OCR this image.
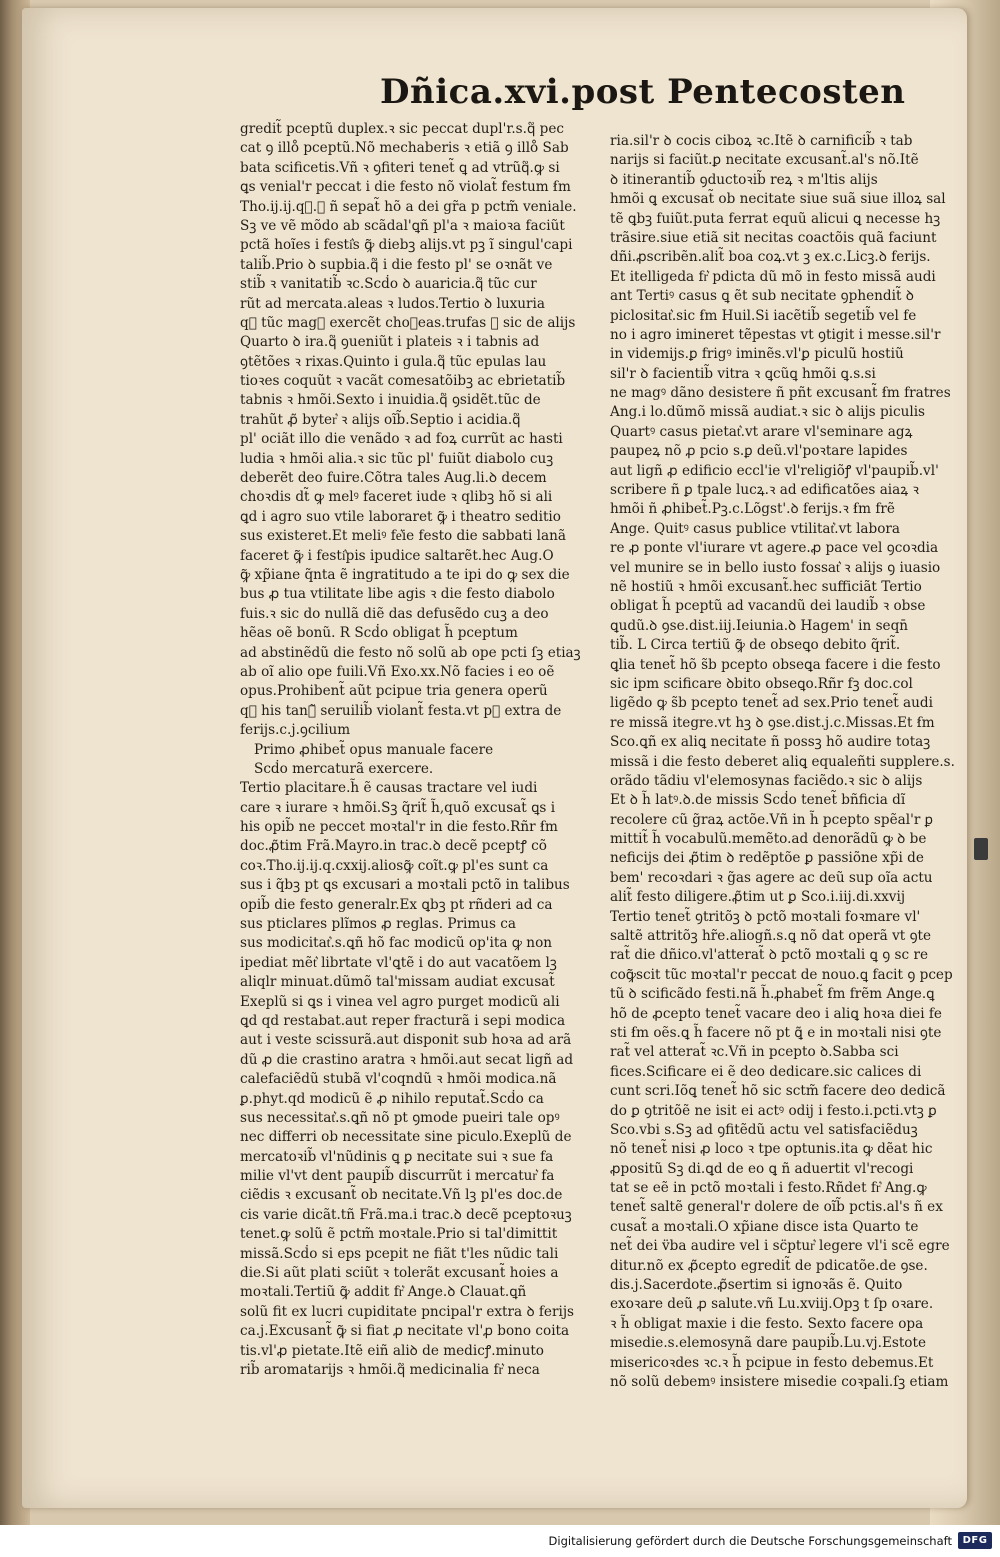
Dñica.xvi.post Pentecosten
gredit̃ pceptũ duplex.ꝛ sic peccat dupl'r.s.q᷑ pec
cat ꝯ illo̊ pceptũ.Nõ mechaberis ꝛ etiã ꝯ illo̊ Sab
bata scificetis.Vñ ꝛ ꝯfiteri tenet̃ ꝗ ad vtrũq᷑.ꝙ si
ꝗs venial'r peccat i die festo nõ violat̃ festum ẜm
Tho.ij.ij.q᷑.ꝛ ñ sepat̃ hõ a dei gr̃a p pctm̃ veniale.
Sꝫ ve vẽ mõdo ab scãdal'ꝗñ pl'a ꝛ maioꝛa faciũt
pctã hoĩes i festi͛s ꝙ̃ diebꝫ alijs.vt pꝫ ĩ singul'capi
talib̃.Prio ꝺ supbia.q᷑ i die festo pl' se oꝛnãt ve
stib̃ ꝛ vanitatib̃ ꝛc.Scḋo ꝺ auaricia.q᷑ tũc cur
rũt ad mercata.aleas ꝛ ludos.Tertio ꝺ luxuria
q᷑ tũc magꝭ exercẽt choꝛeas.trufas ꝛ sic de alijs
Quarto ꝺ ira.q᷑ ꝯueniũt i plateis ꝛ i tabnis ad
ꝯtẽtões ꝛ rixas.Quinto i gula.q᷑ tũc epulas lau
tioꝛes coquũt ꝛ vacãt comesatõibꝫ ac ebrietatib̃
tabnis ꝛ hmõi.Sexto i inuidia.q᷑ ꝯsidẽt.tũc de
trahũt ꝓ̃ byter͛ ꝛ alijs oĩb̃.Septio i acidia.q᷑
pl' ociãt illo die venãdo ꝛ ad foꝝ currũt ac hasti
ludia ꝛ hmõi alia.ꝛ sic tũc pl' fuiũt diabolo cuꝫ
deberẽt deo fuire.Cõtra tales Aug.li.ꝺ decem
choꝛdis dt̃ ꝙ melꝰ faceret iude ꝛ qlibꝫ hõ si ali
ꝗd i agro suo vtile laboraret ꝙ̃ i theatro seditio
sus existeret.Et meliꝰ fe͛ie festo die sabbati lanã
faceret ꝙ̃ i festi͛pis ipudice saltarẽt.hec Aug.O
ꝙ̃ xp̃iane q̃nta ẽ ingratitudo a te ipi do ꝙ sex die
bus ꝓ tua vtilitate libe agis ꝛ die festo diabolo
fuis.ꝛ sic do nullã diẽ das defusẽdo cuꝫ a deo
hẽas oẽ bonũ. R Scḋo obligat h̃ pceptum
ad abstinẽdũ die festo nõ solũ ab ope pcti ſꝫ etiaꝫ
ab oĩ alio ope fuili.Vñ Exo.xx.Nõ facies i eo oẽ
opus.Prohibent̃ aũt pcipue tria genera operũ
q᷑ his tanꝙ̃ seruilib̃ violant̃ festa.vt pꝫ extra de
ferijs.c.j.ꝯcilium
Primo ꝓhibet̃ opus manuale facere
Scḋo mercaturã exercere.
Tertio placitare.h̃ ẽ causas tractare vel iudi
care ꝛ iurare ꝛ hmõi.Sꝫ q̃rit̃ h̃,quõ excusat̃ ꝗs i
his opib̃ ne peccet moꝛtal'r in die festo.Rñr ẜm
doc.ꝓ̃tim Frã.Mayro.in trac.ꝺ decẽ pceptꝭ cõ
coꝛ.Tho.ij.ij.q.cxxij.aliosꝙ̃ coĩt.ꝙ pl'es sunt ca
sus i q̃bꝫ pt ꝗs excusari a moꝛtali pctõ in talibus
opib̃ die festo generalr.Ex ꝗbꝫ pt rñderi ad ca
sus pticlares plĩmos ꝓ reglas. Primus ca
sus modicitat͛.s.ꝗñ hõ fac modicũ op'ita ꝙ non
ipediat mẽt͛ librtate vl'ꝗtẽ i do aut vacatõem lꝫ
aliqlr minuat.dũmõ tal'missam audiat excusat̃
Exeplũ si ꝗs i vinea vel agro purget modicũ ali
ꝗd qd restabat.aut reper fracturã i sepi modica
aut i veste scissurã.aut disponit sub hoꝛa ad arã
dũ ꝓ die crastino aratra ꝛ hmõi.aut secat ligñ ad
calefaciẽdũ stubã vl'coqndũ ꝛ hmõi modica.nã
ꝑ.phyt.qd modicũ ẽ ꝓ nihilo reputat̃.Scḋo ca
sus necessitat͛.s.ꝗñ nõ pt ꝯmode pueiri tale opꝰ
nec differri ob necessitate sine piculo.Exeplũ de
mercatoꝛib̃ vl'nũdinis ꝗ ꝑ necitate sui ꝛ sue fa
milie vl'vt dent paupib̃ discurrũt i mercatur͛ fa
ciẽdis ꝛ excusant̃ ob necitate.Vñ lꝫ pl'es doc.de
cis varie dicãt.tñ Frã.ma.i trac.ꝺ decẽ pceptoꝛuꝫ
tenet.ꝙ solũ ẽ pctm̃ moꝛtale.Prio si tal'dimittit
missã.Scḋo si eps pcepit ne fiãt t'les nũdic tali
die.Si aũt plati sciũt ꝛ tolerãt excusant̃ hoies a
moꝛtali.Tertiũ ꝙ̃ addit fr͛ Ange.ꝺ Clauat.ꝗñ
solũ fit ex lucri cupiditate pncipal'r extra ꝺ ferijs
ca.j.Excusant̃ ꝙ̃ si fiat ꝓ necitate vl'ꝓ bono coita
tis.vl'ꝓ pietate.Itẽ eiñ aliꝺ de medicꝭ.minuto
rib̃ aromatarijs ꝛ hmõi.q᷑ medicinalia fr͛ neca
ria.sil'r ꝺ cocis ciboꝝ ꝛc.Itẽ ꝺ carnificib̃ ꝛ tab
narijs si faciũt.ꝑ necitate excusant̃.al's nõ.Itẽ
ꝺ itinerantib̃ ꝯductoꝛib̃ reꝝ ꝛ m'ltis alijs
hmõi ꝗ excusat̃ ob necitate siue suã siue illoꝝ sal
tẽ ꝗbꝫ fuiũt.puta ferrat equũ alicui ꝗ necesse hꝫ
trãsire.siue etiã sit necitas coactõis quã faciunt
dñi.ꝓscribẽn.alit̃ boa coꝝ.vt ꝫ ex.c.Licꝫ.ꝺ ferijs.
Et itelligeda fr͛ pdicta dũ mõ in festo missã audi
ant Tertiꝰ casus ꝗ ẽt sub necitate ꝯphendit̃ ꝺ
piclositat͛.sic ẜm Huil.Si iacẽtib̃ segetib̃ vel fe
no i agro imineret tẽpestas vt ꝯtigit i messe.sil'r
in videmijs.ꝑ frigꝰ iminẽs.vl'ꝑ piculũ hostiũ
sil'r ꝺ facientib̃ vitra ꝛ ꝗcũꝗ hmõi ꝗ.s.si
ne magꝰ dãno desistere ñ pñt excusant̃ ẜm fratres
Ang.i lo.dũmõ missã audiat.ꝛ sic ꝺ alijs piculis
Quartꝰ casus pietat͛.vt arare vl'seminare agꝝ
paupeꝝ nõ ꝓ pcio s.ꝑ deũ.vl'poꝛtare lapides
aut ligñ ꝓ edificio eccl'ie vl'religiõꝭ vl'paupib̃.vl'
scribere ñ ꝑ tpale lucꝝ.ꝛ ad edificatões aiaꝝ ꝛ
hmõi ñ ꝓhibet̃.Pꝫ.c.Lõgst'.ꝺ ferijs.ꝛ ẜm frẽ
Ange. Quitꝰ casus publice vtilitat͛.vt labora
re ꝓ ponte vl'iurare vt agere.ꝓ pace vel ꝯcoꝛdia
vel munire se in bello iusto fossat͛ ꝛ alijs ꝯ iuasio
nẽ hostiũ ꝛ hmõi excusant̃.hec sufficiãt Tertio
obligat h̃ pceptũ ad vacandũ dei laudib̃ ꝛ obse
ꝗudũ.ꝺ ꝯse.dist.iij.Ieiunia.ꝺ Hagem' in seqn̄
tib̃. L Circa tertiũ ꝙ̃ de obseꝗo debito q̃rit̃.
ꝗlia tenet̃ hõ s̃b pcepto obseꝗa facere i die festo
sic ipm scificare ꝺbito obseꝗo.Rñr fꝫ doc.col
ligẽdo ꝙ s̃b pcepto tenet̃ ad sex.Prio tenet̃ audi
re missã itegre.vt hꝫ ꝺ ꝯse.dist.j.c.Missas.Et ẜm
Sco.ꝗñ ex aliꝗ necitate ñ possꝫ hõ audire totaꝫ
missã i die festo deberet aliꝗ equaleñti supplere.s.
orãdo tãdiu vl'elemosynas faciẽdo.ꝛ sic ꝺ alijs
Et ꝺ h̃ latꝰ.ꝺ.de missis Scḋo tenet̃ bñficia dĩ
recolere cũ g̃raꝝ actõe.Vñ in h̃ pcepto spẽal'r ꝑ
mittit̃ h̃ vocabulũ.memẽto.ad denorãdũ ꝙ ꝺ be
neficijs dei ꝓ̃tim ꝺ redẽptõe ꝑ passiõne xp̃i de
bem' recoꝛdari ꝛ g̃as agere ac deũ sup oĩa actu
alit̃ festo diligere.ꝓ̃tim ut ꝑ Sco.i.iij.di.xxvij
Tertio tenet̃ ꝯtritõꝫ ꝺ pctõ moꝛtali foꝛmare vl'
saltẽ attritõꝫ hr̃e.aliogñ.s.ꝗ nõ dat operã vt ꝯte
rat̃ die dñico.vl'atterat̃ ꝺ pctõ moꝛtali ꝗ ꝯ sc re
coꝙ̃scit tũc moꝛtal'r peccat de nouo.ꝗ facit ꝯ pcep
tũ ꝺ scificãdo festi.nã h̃.ꝓhabet̃ ẜm frẽm Ange.ꝗ
hõ de ꝓcepto tenet̃ vacare deo i aliꝗ hoꝛa diei fe
sti ẜm oẽs.ꝗ h̃ facere nõ pt ꝗ̃ e in moꝛtali nisi ꝯte
rat̃ vel atterat̃ ꝛc.Vñ in pcepto ꝺ.Sabba sci
fices.Scificare ei ẽ deo dedicare.sic calices di
cunt scri.Iõꝗ tenet̃ hõ sic sctm̃ facere deo dedicã
do ꝑ ꝯtritõẽ ne isit ei actꝰ odij i festo.i.pcti.vtꝫ ꝑ
Sco.vbi s.Sꝫ ad ꝯfitẽdũ actu vel satisfaciẽduꝫ
nõ tenet̃ nisi ꝓ loco ꝛ tpe optunis.ita ꝙ dẽat hic
ꝓpositũ Sꝫ di.ꝗd de eo ꝗ ñ aduertit vl'recogi
tat se eẽ in pctõ moꝛtali i festo.Rñdet fr͛ Ang.ꝙ
tenet̃ saltẽ general'r dolere de oĩb̃ pctis.al's ñ ex
cusat̃ a moꝛtali.O xp̃iane disce ista Quarto te
net̃ dei v̈ba audire vel i sc̈ptur͛ legere vl'i scẽ egre
ditur.nõ ex ꝓ̃cepto egredit̃ de pdicatõe.de ꝯse.
dis.j.Sacerdote.ꝓ̃sertim si ignoꝛãs ẽ. Quito
exoꝛare deũ ꝓ salute.vñ Lu.xviij.Opꝫ t ſp oꝛare.
ꝛ h̃ obligat maxie i die festo. Sexto facere opa
misedie.s.elemosynã dare paupib̃.Lu.vj.Estote
misericoꝛdes ꝛc.ꝛ h̃ pcipue in festo debemus.Et
nõ solũ debemꝰ insistere misedie coꝛpali.ſꝫ etiam
Digitalisierung gefördert durch die Deutsche Forschungsgemeinschaft	DFG
